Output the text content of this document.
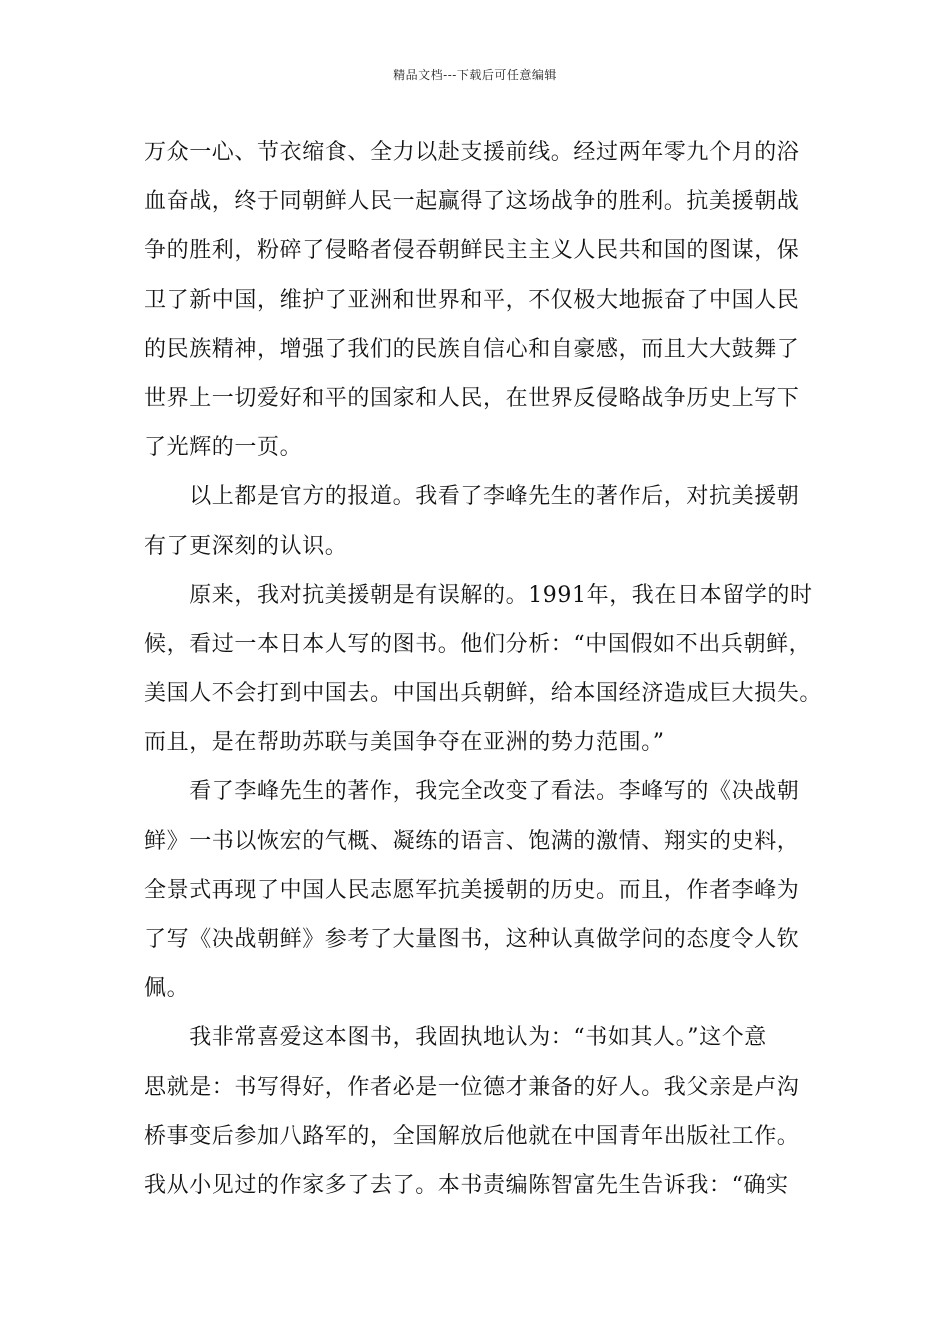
精品文档---下载后可任意编辑
万众一心、节衣缩食、全力以赴支援前线。经过两年零九个月的浴
血奋战，终于同朝鲜人民一起赢得了这场战争的胜利。抗美援朝战
争的胜利，粉碎了侵略者侵吞朝鲜民主主义人民共和国的图谋，保
卫了新中国，维护了亚洲和世界和平，不仅极大地振奋了中国人民
的民族精神，增强了我们的民族自信心和自豪感，而且大大鼓舞了
世界上一切爱好和平的国家和人民，在世界反侵略战争历史上写下
了光辉的一页。
　　以上都是官方的报道。我看了李峰先生的著作后，对抗美援朝
有了更深刻的认识。
　　原来，我对抗美援朝是有误解的。1991年，我在日本留学的时
候，看过一本日本人写的图书。他们分析：“中国假如不出兵朝鲜，
美国人不会打到中国去。中国出兵朝鲜，给本国经济造成巨大损失。
而且，是在帮助苏联与美国争夺在亚洲的势力范围。”
　　看了李峰先生的著作，我完全改变了看法。李峰写的《决战朝
鲜》一书以恢宏的气概、凝练的语言、饱满的激情、翔实的史料，
全景式再现了中国人民志愿军抗美援朝的历史。而且，作者李峰为
了写《决战朝鲜》参考了大量图书，这种认真做学问的态度令人钦
佩。
　　我非常喜爱这本图书，我固执地认为：“书如其人。”这个意
思就是：书写得好，作者必是一位德才兼备的好人。我父亲是卢沟
桥事变后参加八路军的，全国解放后他就在中国青年出版社工作。
我从小见过的作家多了去了。本书责编陈智富先生告诉我：“确实
